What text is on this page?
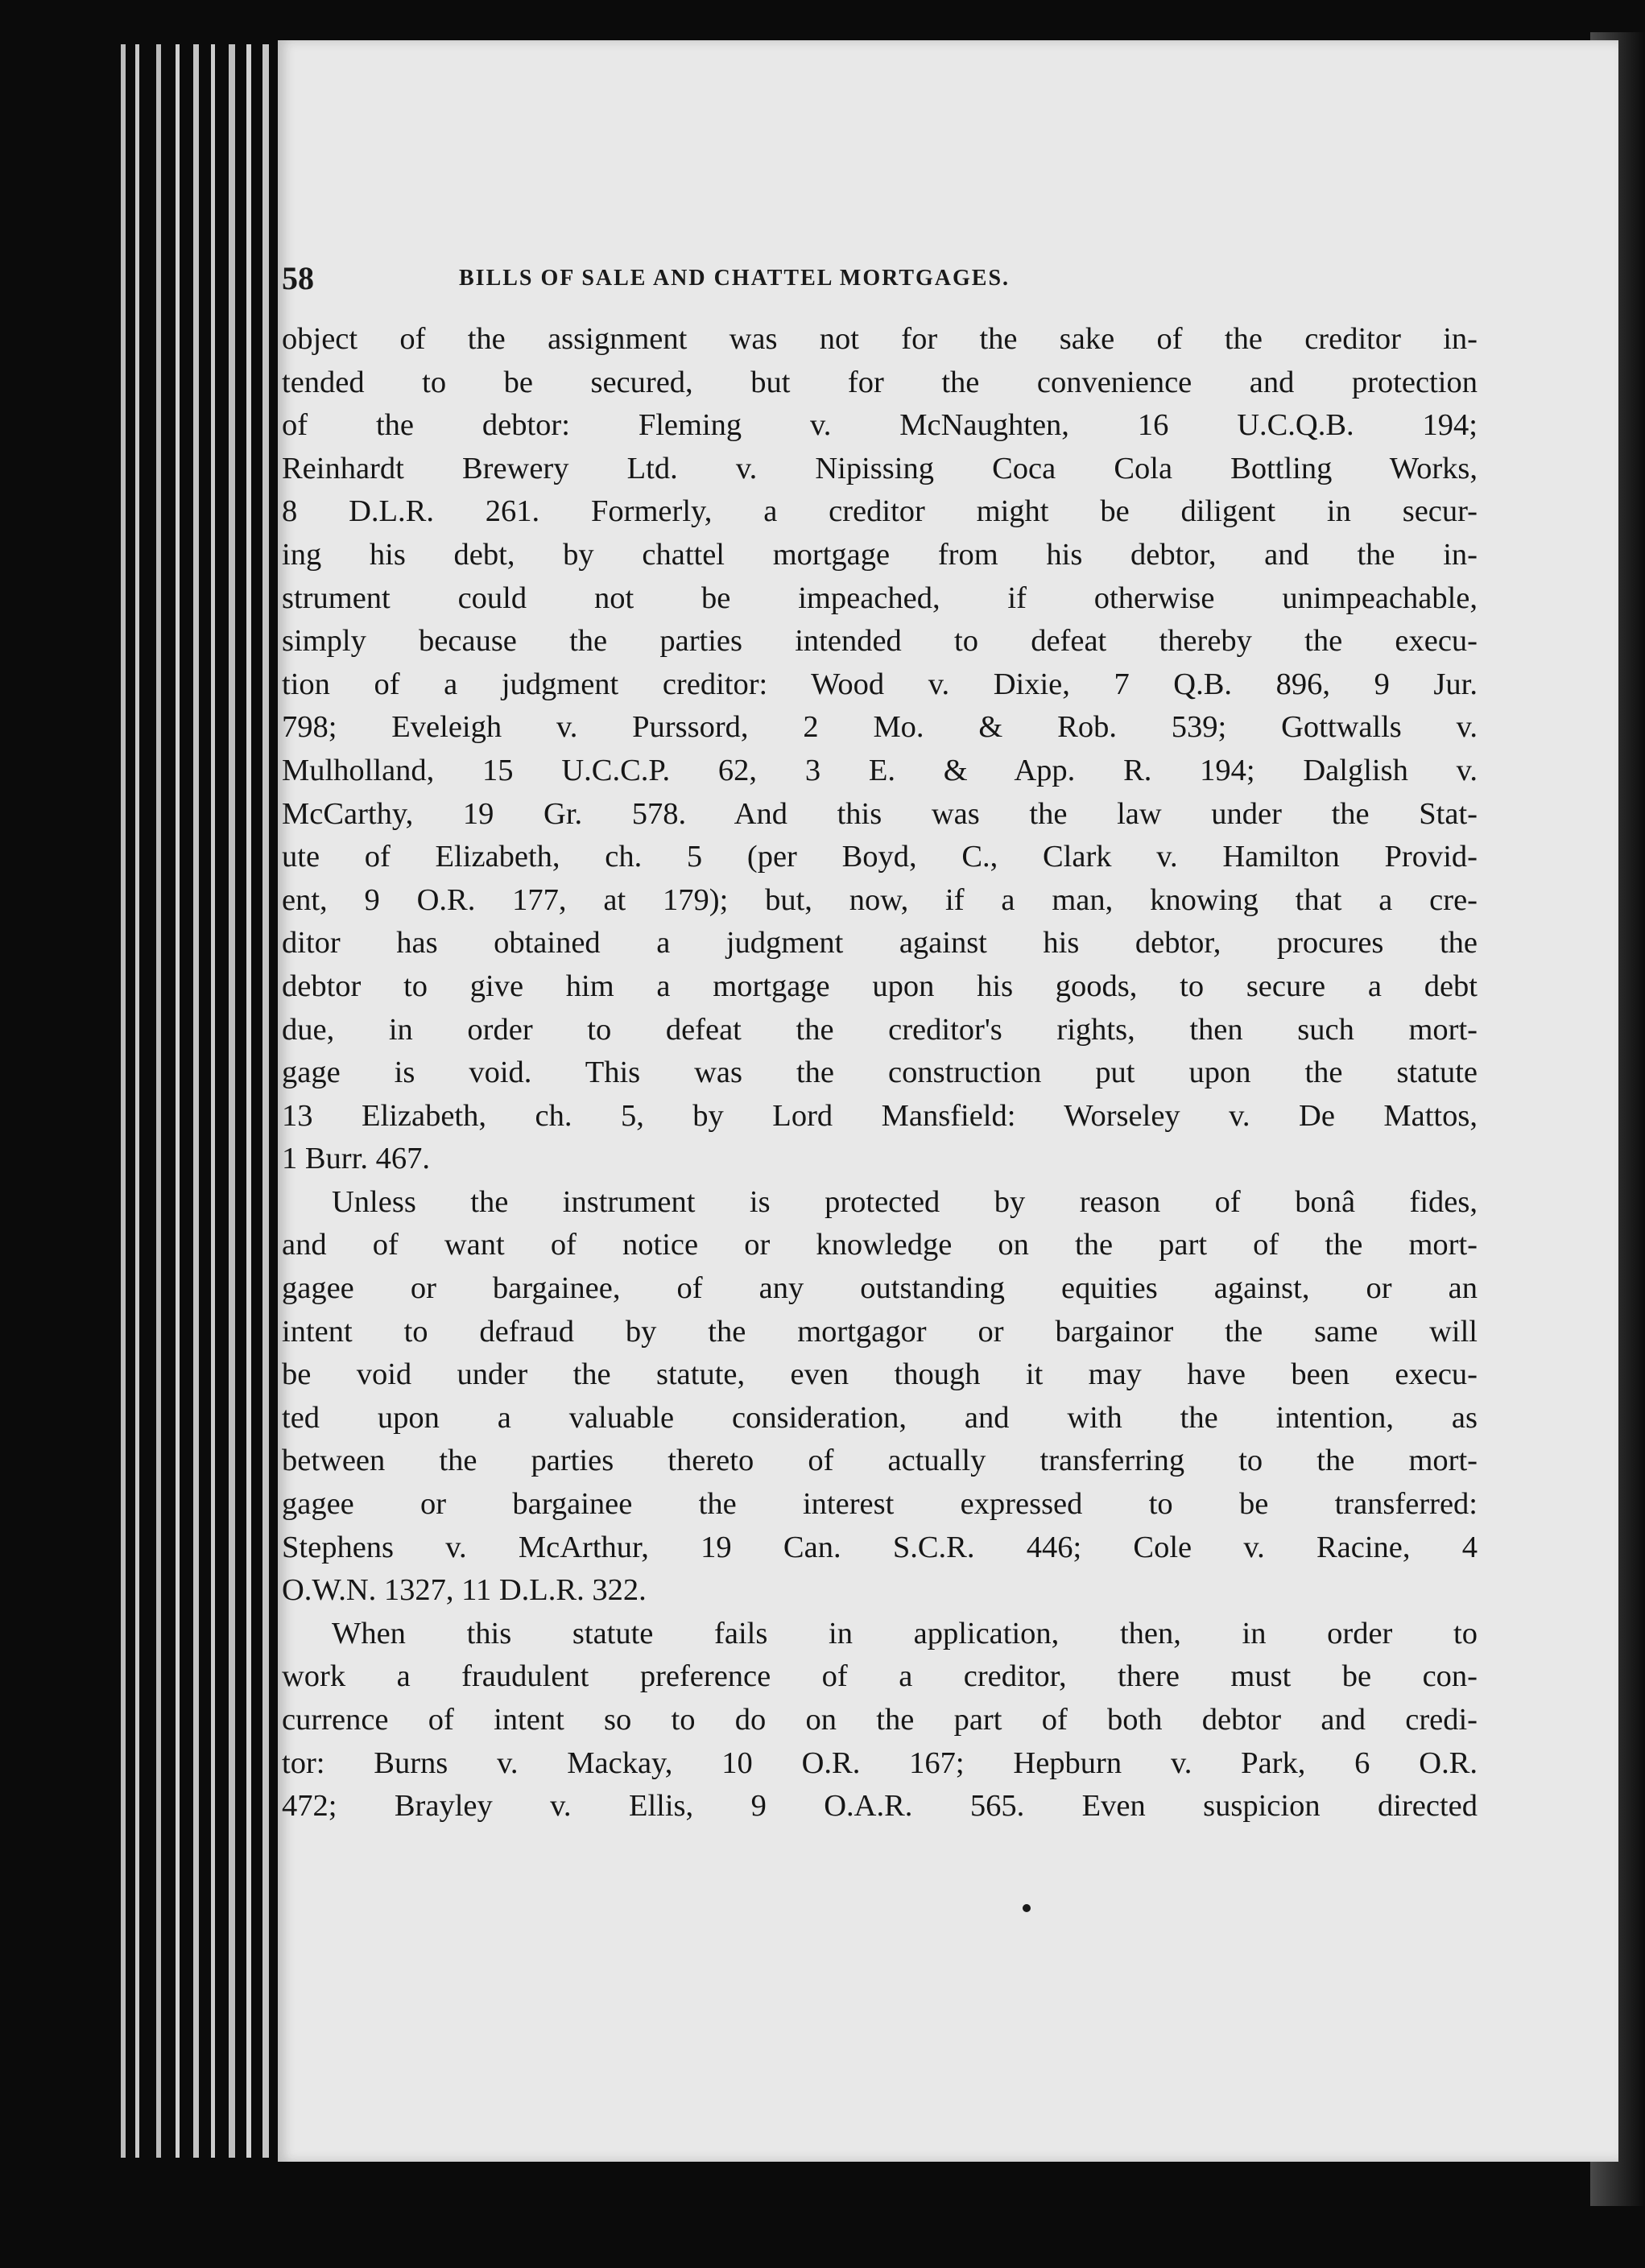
58	BILLS OF SALE AND CHATTEL MORTGAGES.
object of the assignment was not for the sake of the creditor in-
tended to be secured, but for the convenience and protection
of the debtor: Fleming v. McNaughten, 16 U.C.Q.B. 194;
Reinhardt Brewery Ltd. v. Nipissing Coca Cola Bottling Works,
8 D.L.R. 261. Formerly, a creditor might be diligent in secur-
ing his debt, by chattel mortgage from his debtor, and the in-
strument could not be impeached, if otherwise unimpeachable,
simply because the parties intended to defeat thereby the execu-
tion of a judgment creditor: Wood v. Dixie, 7 Q.B. 896, 9 Jur.
798; Eveleigh v. Purssord, 2 Mo. & Rob. 539; Gottwalls v.
Mulholland, 15 U.C.C.P. 62, 3 E. & App. R. 194; Dalglish v.
McCarthy, 19 Gr. 578. And this was the law under the Stat-
ute of Elizabeth, ch. 5 (per Boyd, C., Clark v. Hamilton Provid-
ent, 9 O.R. 177, at 179); but, now, if a man, knowing that a cre-
ditor has obtained a judgment against his debtor, procures the
debtor to give him a mortgage upon his goods, to secure a debt
due, in order to defeat the creditor's rights, then such mort-
gage is void. This was the construction put upon the statute
13 Elizabeth, ch. 5, by Lord Mansfield: Worseley v. De Mattos,
1 Burr. 467.
Unless the instrument is protected by reason of bonâ fides,
and of want of notice or knowledge on the part of the mort-
gagee or bargainee, of any outstanding equities against, or an
intent to defraud by the mortgagor or bargainor the same will
be void under the statute, even though it may have been execu-
ted upon a valuable consideration, and with the intention, as
between the parties thereto of actually transferring to the mort-
gagee or bargainee the interest expressed to be transferred:
Stephens v. McArthur, 19 Can. S.C.R. 446; Cole v. Racine, 4
O.W.N. 1327, 11 D.L.R. 322.
When this statute fails in application, then, in order to
work a fraudulent preference of a creditor, there must be con-
currence of intent so to do on the part of both debtor and credi-
tor: Burns v. Mackay, 10 O.R. 167; Hepburn v. Park, 6 O.R.
472; Brayley v. Ellis, 9 O.A.R. 565. Even suspicion directed
